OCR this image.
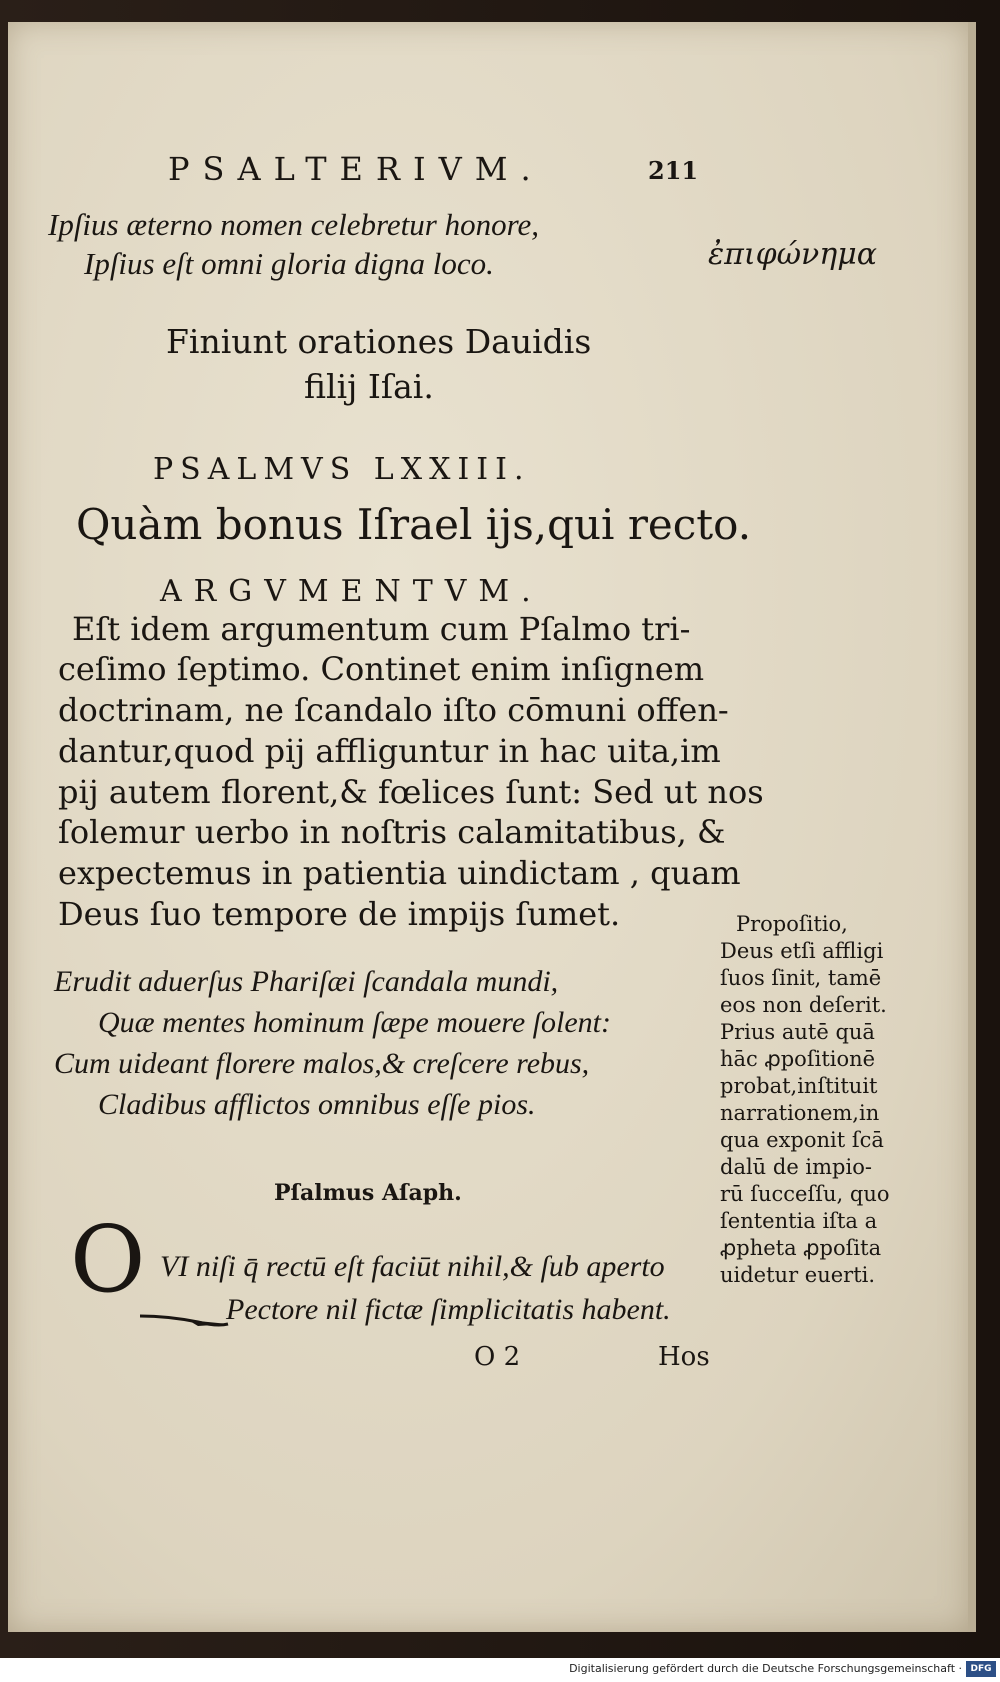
PSALTERIVM.	211
Ipſius æterno nomen celebretur honore,
Ipſius eſt omni gloria digna loco.	ἐπιφώνημα
Finiunt orationes Dauidis
filij Iſai.
PSALMVS LXXIII.
Quàm bonus Iſrael ijs,qui recto.
ARGVMENTVM.
Eſt idem argumentum cum Pſalmo tri-
ceſimo ſeptimo. Continet enim inſignem
doctrinam, ne ſcandalo iſto cōmuni offen-
dantur,quod pij affliguntur in hac uita,im
pij autem florent,& fœlices ſunt: Sed ut nos
ſolemur uerbo in noſtris calamitatibus, &
expectemus in patientia uindictam , quam
Deus ſuo tempore de impijs ſumet.
Erudit aduerſus Phariſæi ſcandala mundi,
Quæ mentes hominum ſæpe mouere ſolent:
Cum uideant florere malos,& creſcere rebus,
Cladibus afflictos omnibus eſſe pios.
Propoſitio,
Deus etſi affligi
ſuos ſinit, tamē
eos non deſerit.
Prius autē quā
hāc ꝓpoſitionē
probat,inſtituit
narrationem,in
qua exponit ſcā
dalū de impio-
rū ſucceſſu, quo
ſententia iſta a
ꝓpheta ꝓpoſita
uidetur euerti.
Pſalmus Aſaph.
O VI niſi q̄ rectū eſt faciūt nihil,& ſub aperto
Pectore nil fictæ ſimplicitatis habent.
O 2	Hos
Digitalisierung gefördert durch die Deutsche Forschungsgemeinschaft · DFG
